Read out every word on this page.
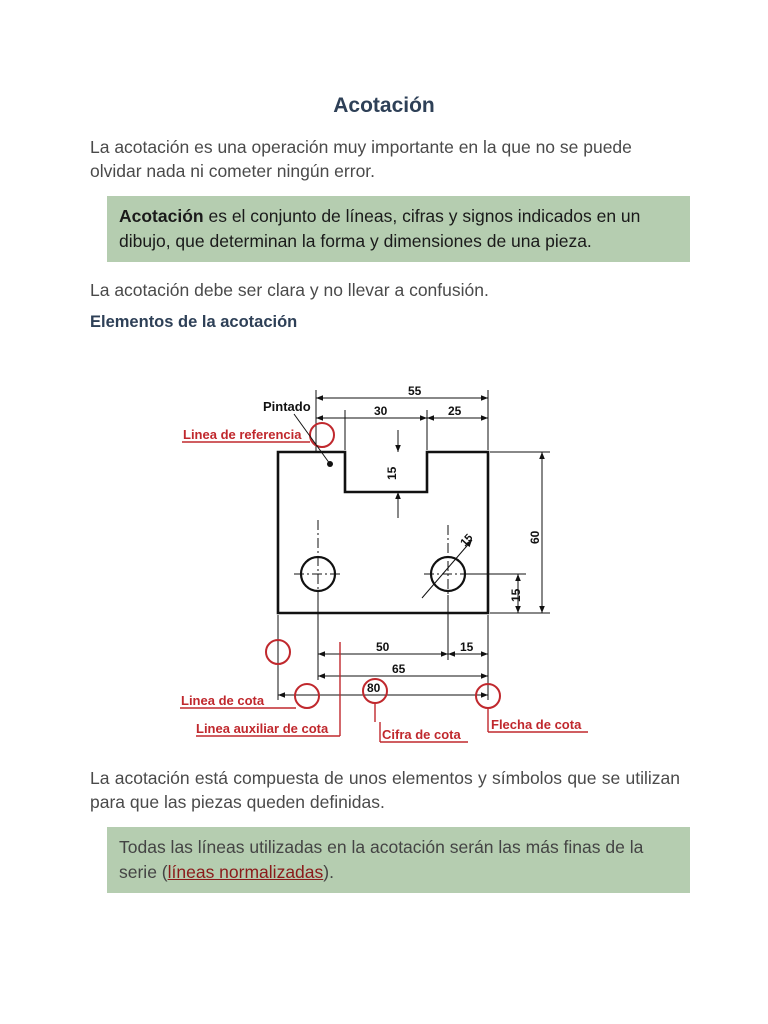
Acotación

La acotación es una operación muy importante en la que no se puede olvidar nada ni cometer ningún error.

Acotación es el conjunto de líneas, cifras y signos indicados en un dibujo, que determinan la forma y dimensiones de una pieza.

La acotación debe ser clara y no llevar a confusión.

Elementos de la acotación
15
55
30	25
15
60
15
50	15
65
80
Pintado
Linea de referencia
Linea de cota
Linea auxiliar de cota	Cifra de cota
Flecha de cota

La acotación está compuesta de unos elementos y símbolos que se utilizan para que las piezas queden definidas.

Todas las líneas utilizadas en la acotación serán las más finas de la serie (líneas normalizadas).
